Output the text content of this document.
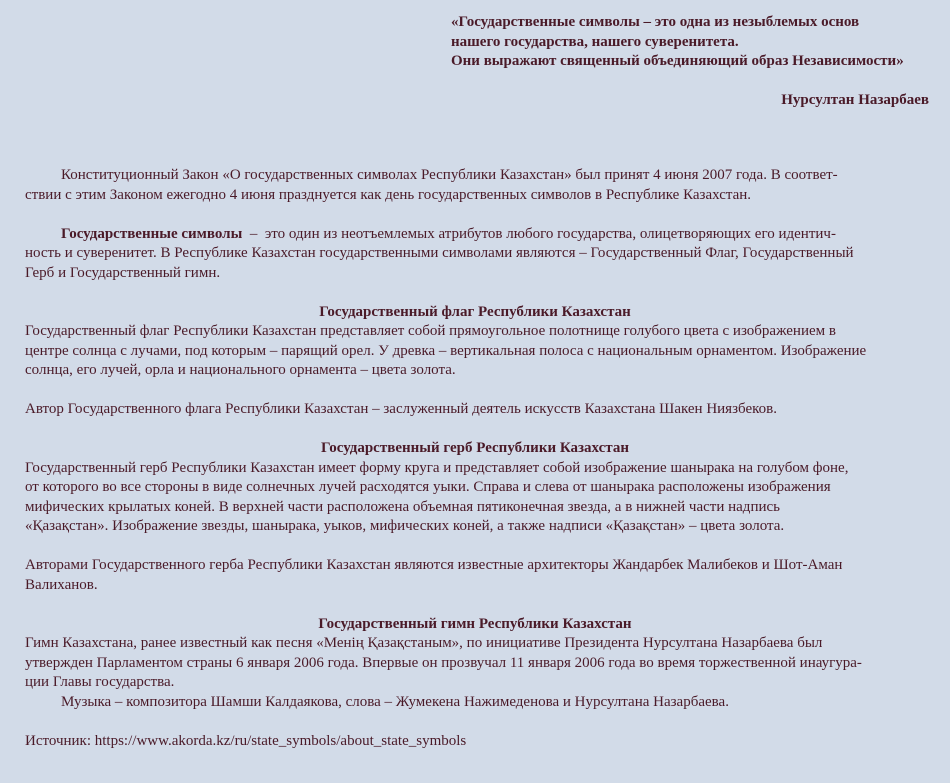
«Государственные символы – это одна из незыблемых основ
нашего государства, нашего суверенитета.
Они выражают священный объединяющий образ Независимости»
Нурсултан Назарбаев
Конституционный Закон «О государственных символах Республики Казахстан» был принят 4 июня 2007 года. В соответ-
ствии с этим Законом ежегодно 4 июня празднуется как день государственных символов в Республике Казахстан.
Государственные символы  –  это один из неотъемлемых атрибутов любого государства, олицетворяющих его идентич-
ность и суверенитет. В Республике Казахстан государственными символами являются – Государственный Флаг, Государственный
Герб и Государственный гимн.
Государственный флаг Республики Казахстан
Государственный флаг Республики Казахстан представляет собой прямоугольное полотнище голубого цвета с изображением в
центре солнца с лучами, под которым – парящий орел. У древка – вертикальная полоса с национальным орнаментом. Изображение
солнца, его лучей, орла и национального орнамента – цвета золота.
Автор Государственного флага Республики Казахстан – заслуженный деятель искусств Казахстана Шакен Ниязбеков.
Государственный герб Республики Казахстан
Государственный герб Республики Казахстан имеет форму круга и представляет собой изображение шанырака на голубом фоне,
от которого во все стороны в виде солнечных лучей расходятся уыки. Справа и слева от шанырака расположены изображения
мифических крылатых коней. В верхней части расположена объемная пятиконечная звезда, а в нижней части надпись
«Қазақстан». Изображение звезды, шанырака, уыков, мифических коней, а также надписи «Қазақстан» – цвета золота.
Авторами Государственного герба Республики Казахстан являются известные архитекторы Жандарбек Малибеков и Шот-Аман
Валиханов.
Государственный гимн Республики Казахстан
Гимн Казахстана, ранее известный как песня «Менің Қазақстаным», по инициативе Президента Нурсултана Назарбаева был
утвержден Парламентом страны 6 января 2006 года. Впервые он прозвучал 11 января 2006 года во время торжественной инаугура-
ции Главы государства.
Музыка – композитора Шамши Калдаякова, слова – Жумекена Нажимеденова и Нурсултана Назарбаева.
Источник: https://www.akorda.kz/ru/state_symbols/about_state_symbols
